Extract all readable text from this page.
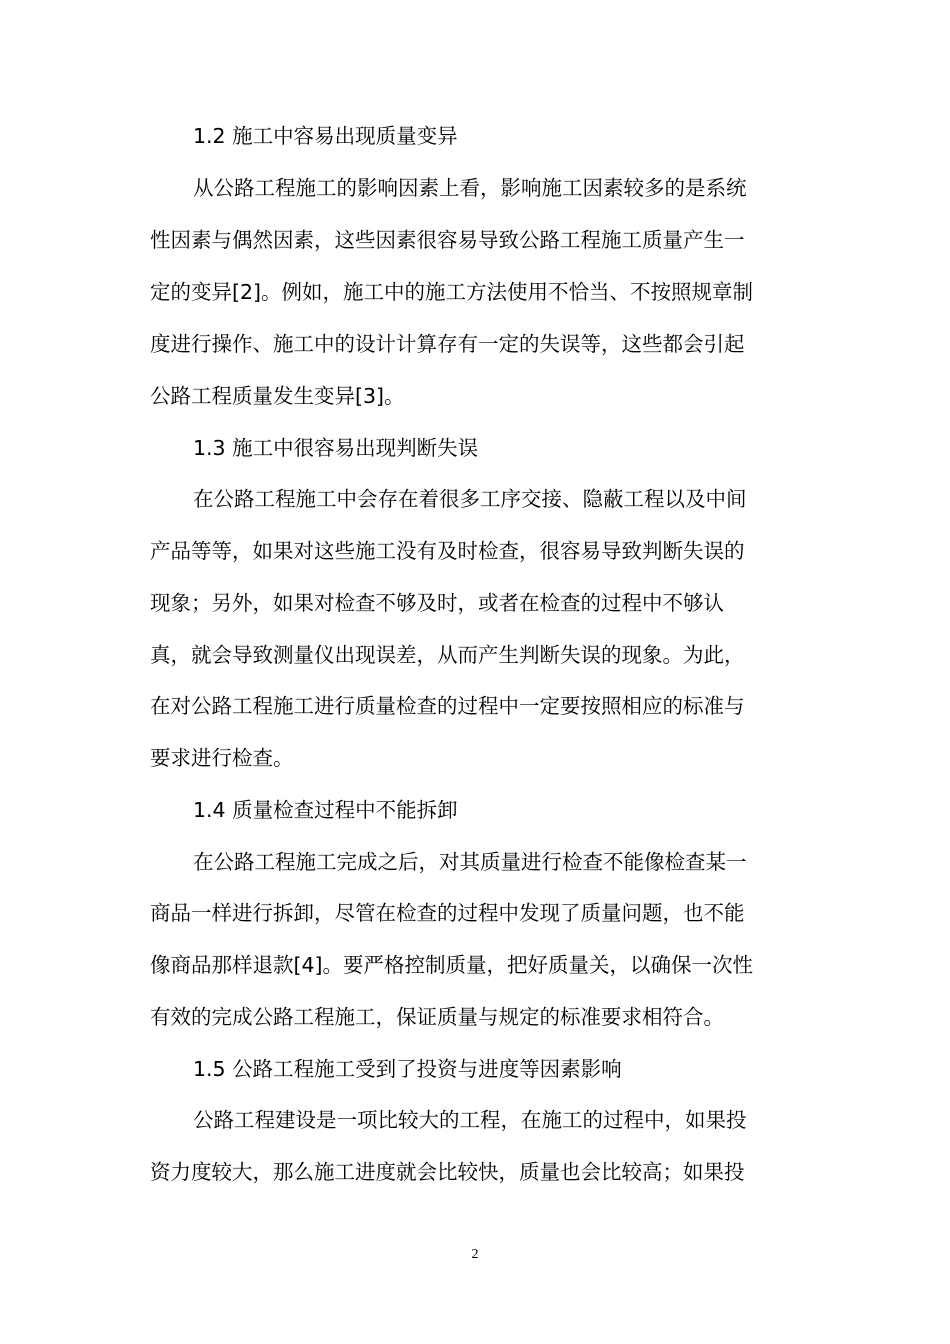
1.2 施工中容易出现质量变异

从公路工程施工的影响因素上看，影响施工因素较多的是系统

性因素与偶然因素，这些因素很容易导致公路工程施工质量产生一

定的变异[2]。例如，施工中的施工方法使用不恰当、不按照规章制

度进行操作、施工中的设计计算存有一定的失误等，这些都会引起

公路工程质量发生变异[3]。

1.3 施工中很容易出现判断失误

在公路工程施工中会存在着很多工序交接、隐蔽工程以及中间

产品等等，如果对这些施工没有及时检查，很容易导致判断失误的

现象；另外，如果对检查不够及时，或者在检查的过程中不够认

真，就会导致测量仪出现误差，从而产生判断失误的现象。为此，

在对公路工程施工进行质量检查的过程中一定要按照相应的标准与

要求进行检查。

1.4 质量检查过程中不能拆卸

在公路工程施工完成之后，对其质量进行检查不能像检查某一

商品一样进行拆卸，尽管在检查的过程中发现了质量问题，也不能

像商品那样退款[4]。要严格控制质量，把好质量关，以确保一次性

有效的完成公路工程施工，保证质量与规定的标准要求相符合。

1.5 公路工程施工受到了投资与进度等因素影响

公路工程建设是一项比较大的工程，在施工的过程中，如果投

资力度较大，那么施工进度就会比较快，质量也会比较高；如果投

2
